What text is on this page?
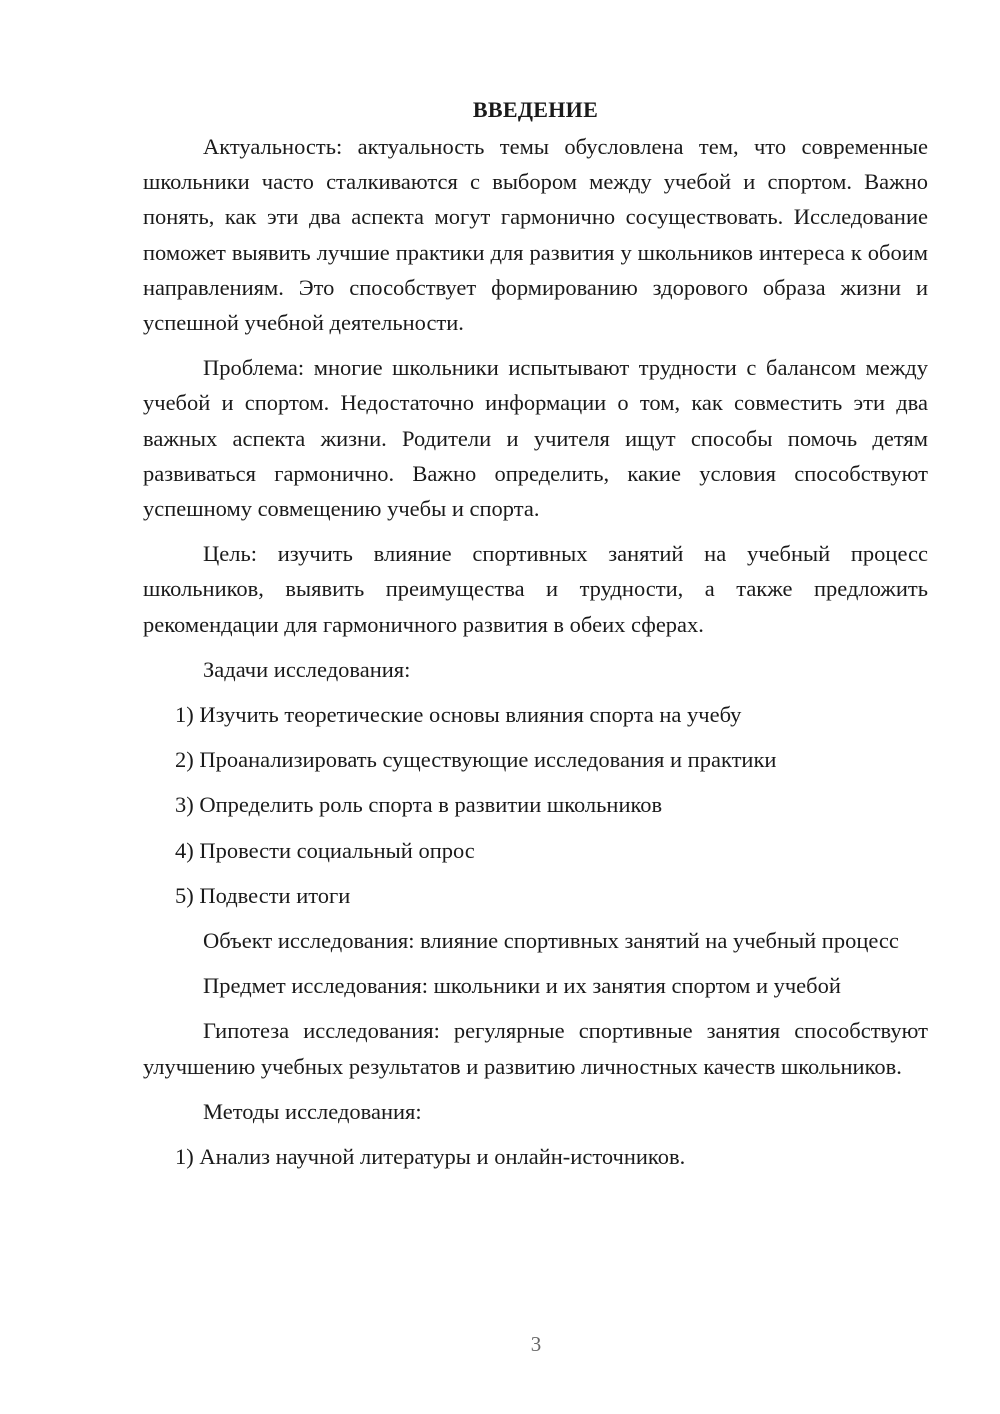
ВВЕДЕНИЕ

Актуальность: актуальность темы обусловлена тем, что современные школьники часто сталкиваются с выбором между учебой и спортом. Важно понять, как эти два аспекта могут гармонично сосуществовать. Исследование поможет выявить лучшие практики для развития у школьников интереса к обоим направлениям. Это способствует формированию здорового образа жизни и успешной учебной деятельности.

Проблема: многие школьники испытывают трудности с балансом между учебой и спортом. Недостаточно информации о том, как совместить эти два важных аспекта жизни. Родители и учителя ищут способы помочь детям развиваться гармонично. Важно определить, какие условия способствуют успешному совмещению учебы и спорта.

Цель: изучить влияние спортивных занятий на учебный процесс школьников, выявить преимущества и трудности, а также предложить рекомендации для гармоничного развития в обеих сферах.

Задачи исследования:
1) Изучить теоретические основы влияния спорта на учебу
2) Проанализировать существующие исследования и практики
3) Определить роль спорта в развитии школьников
4) Провести социальный опрос
5) Подвести итоги

Объект исследования: влияние спортивных занятий на учебный процесс

Предмет исследования: школьники и их занятия спортом и учебой

Гипотеза исследования: регулярные спортивные занятия способствуют улучшению учебных результатов и развитию личностных качеств школьников.

Методы исследования:
1) Анализ научной литературы и онлайн-источников.
3
